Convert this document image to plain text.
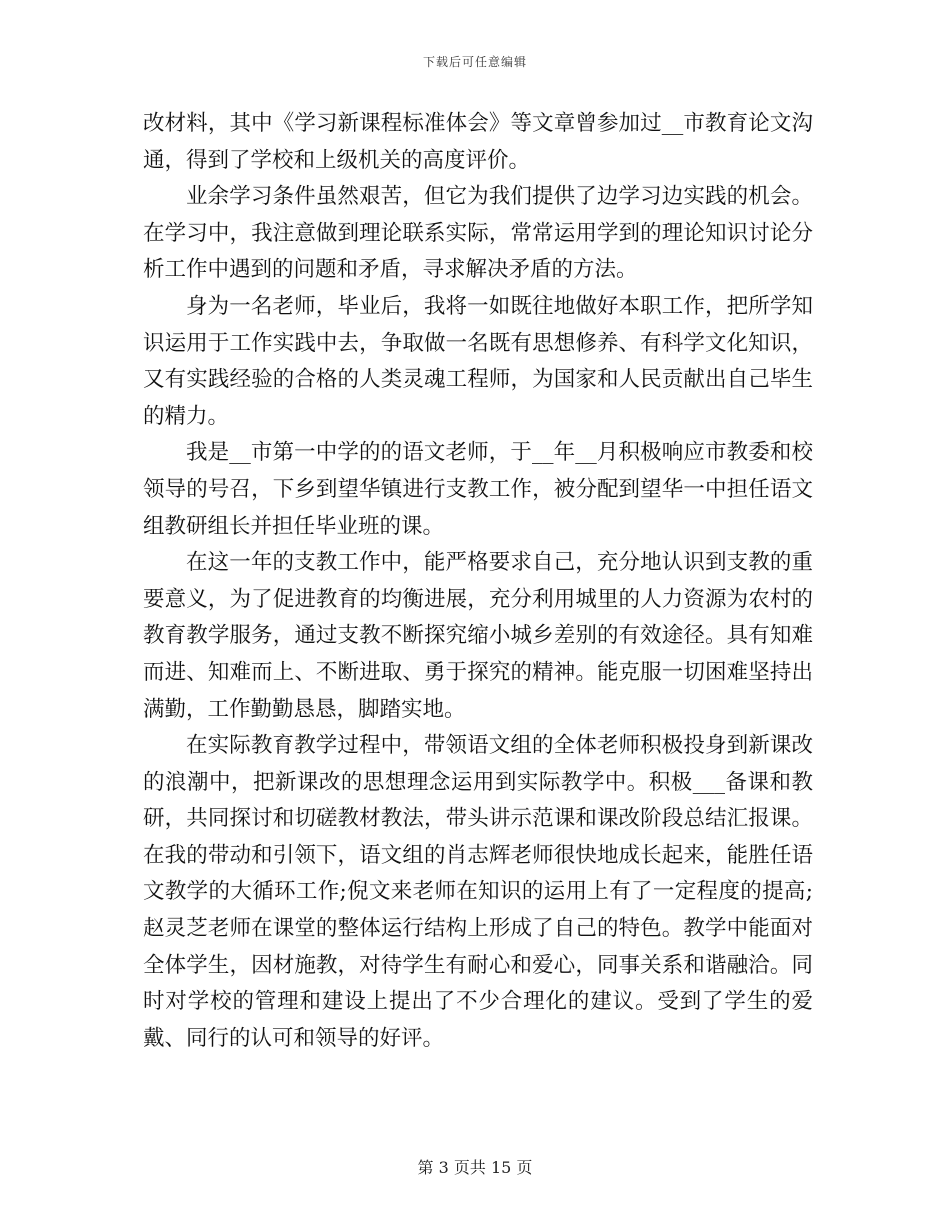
下载后可任意编辑

改材料，其中《学习新课程标准体会》等文章曾参加过__市教育论文沟通，得到了学校和上级机关的高度评价。

业余学习条件虽然艰苦，但它为我们提供了边学习边实践的机会。在学习中，我注意做到理论联系实际，常常运用学到的理论知识讨论分析工作中遇到的问题和矛盾，寻求解决矛盾的方法。

身为一名老师，毕业后，我将一如既往地做好本职工作，把所学知识运用于工作实践中去，争取做一名既有思想修养、有科学文化知识，又有实践经验的合格的人类灵魂工程师，为国家和人民贡献出自己毕生的精力。

我是__市第一中学的的语文老师，于__年__月积极响应市教委和校领导的号召，下乡到望华镇进行支教工作，被分配到望华一中担任语文组教研组长并担任毕业班的课。

在这一年的支教工作中，能严格要求自己，充分地认识到支教的重要意义，为了促进教育的均衡进展，充分利用城里的人力资源为农村的教育教学服务，通过支教不断探究缩小城乡差别的有效途径。具有知难而进、知难而上、不断进取、勇于探究的精神。能克服一切困难坚持出满勤，工作勤勤恳恳，脚踏实地。

在实际教育教学过程中，带领语文组的全体老师积极投身到新课改的浪潮中，把新课改的思想理念运用到实际教学中。积极___备课和教研，共同探讨和切磋教材教法，带头讲示范课和课改阶段总结汇报课。在我的带动和引领下，语文组的肖志辉老师很快地成长起来，能胜任语文教学的大循环工作;倪文来老师在知识的运用上有了一定程度的提高;赵灵芝老师在课堂的整体运行结构上形成了自己的特色。教学中能面对全体学生，因材施教，对待学生有耐心和爱心，同事关系和谐融洽。同时对学校的管理和建设上提出了不少合理化的建议。受到了学生的爱戴、同行的认可和领导的好评。

第 3 页共 15 页
